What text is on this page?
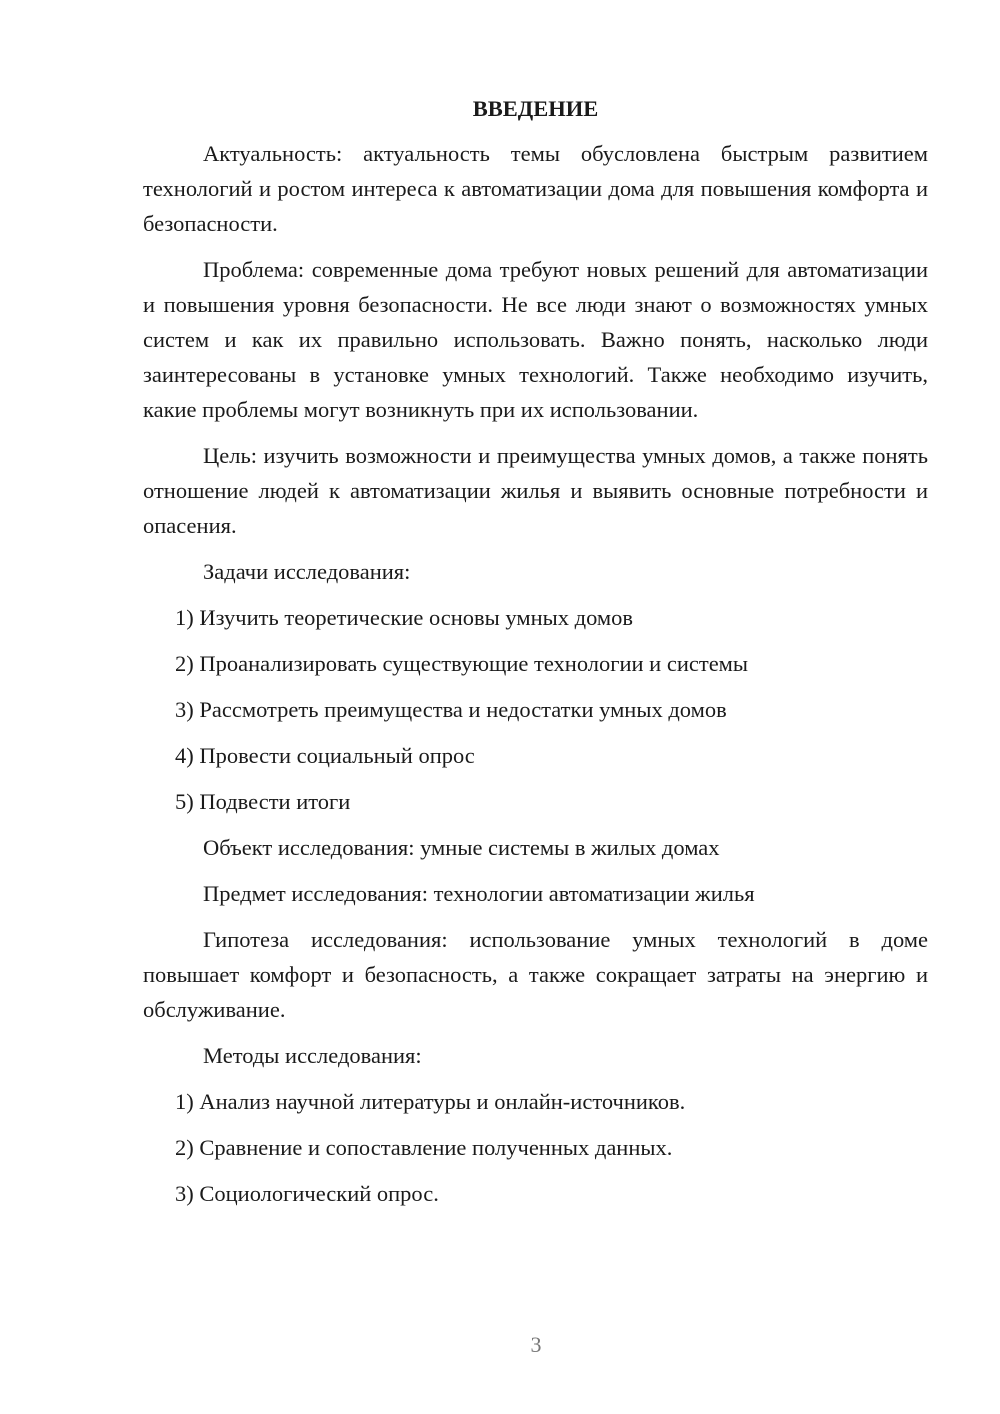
ВВЕДЕНИЕ

Актуальность: актуальность темы обусловлена быстрым развитием технологий и ростом интереса к автоматизации дома для повышения комфорта и безопасности.

Проблема: современные дома требуют новых решений для автоматизации и повышения уровня безопасности. Не все люди знают о возможностях умных систем и как их правильно использовать. Важно понять, насколько люди заинтересованы в установке умных технологий. Также необходимо изучить, какие проблемы могут возникнуть при их использовании.

Цель: изучить возможности и преимущества умных домов, а также понять отношение людей к автоматизации жилья и выявить основные потребности и опасения.

Задачи исследования:

1) Изучить теоретические основы умных домов
2) Проанализировать существующие технологии и системы
3) Рассмотреть преимущества и недостатки умных домов
4) Провести социальный опрос
5) Подвести итоги

Объект исследования: умные системы в жилых домах

Предмет исследования: технологии автоматизации жилья

Гипотеза исследования: использование умных технологий в доме повышает комфорт и безопасность, а также сокращает затраты на энергию и обслуживание.

Методы исследования:

1) Анализ научной литературы и онлайн-источников.
2) Сравнение и сопоставление полученных данных.
3) Социологический опрос.
3
